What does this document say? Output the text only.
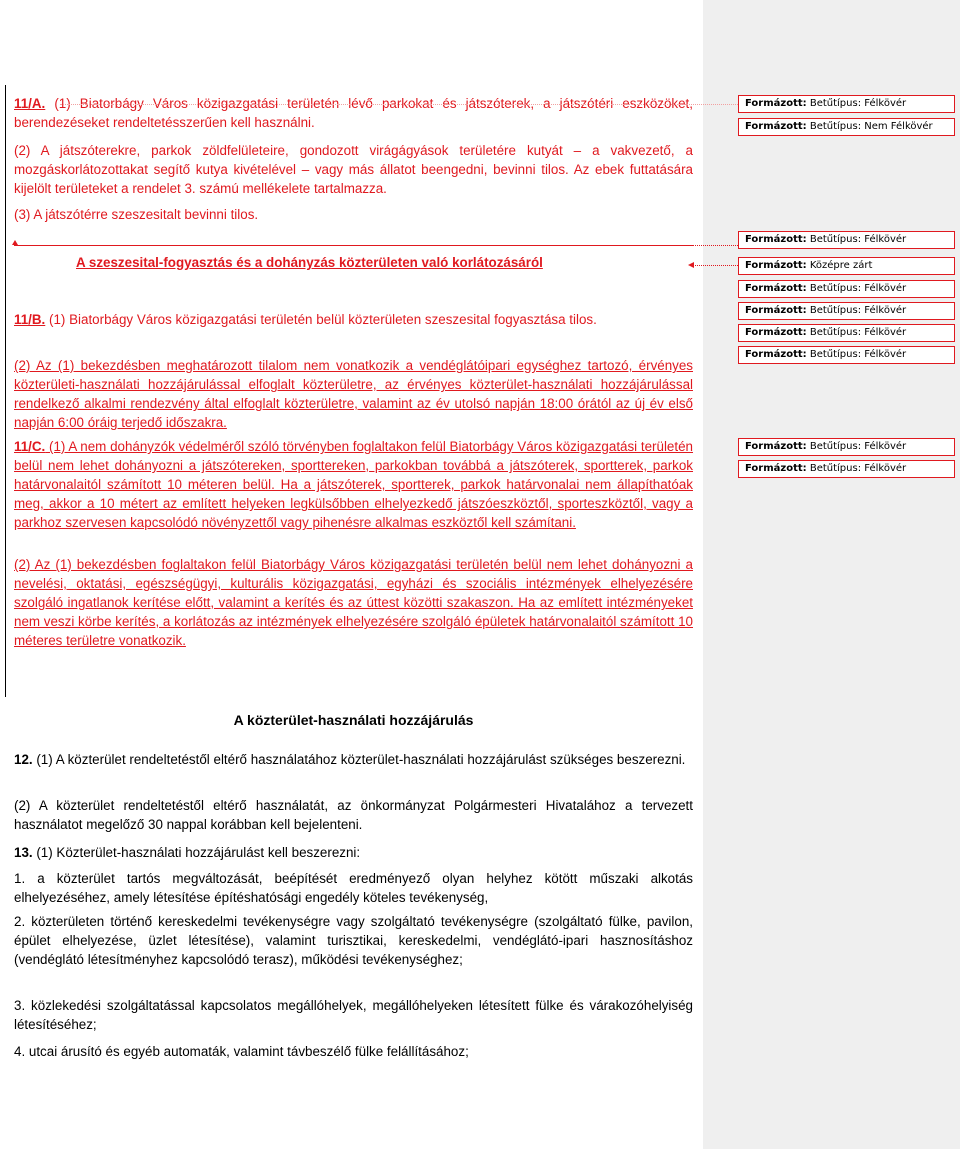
11/A. (1) Biatorbágy Város közigazgatási területén lévő parkokat és játszóterek, a játszótéri eszközöket, berendezéseket rendeltetésszerűen kell használni.
(2) A játszóterekre, parkok zöldfelületeire, gondozott virágágyások területére kutyát – a vakvezető, a mozgáskorlátozottakat segítő kutya kivételével – vagy más állatot beengedni, bevinni tilos. Az ebek futtatására kijelölt területeket a rendelet 3. számú mellékelete tartalmazza.
(3) A játszótérre szeszesitalt bevinni tilos.
A szeszesital-fogyasztás és a dohányzás közterületen való korlátozásáról
11/B. (1) Biatorbágy Város közigazgatási területén belül közterületen szeszesital fogyasztása tilos.
(2) Az (1) bekezdésben meghatározott tilalom nem vonatkozik a vendéglátóipari egységhez tartozó, érvényes közterületi-használati hozzájárulással elfoglalt közterületre, az érvényes közterület-használati hozzájárulással rendelkező alkalmi rendezvény által elfoglalt közterületre, valamint az év utolsó napján 18:00 órától az új év első napján 6:00 óráig terjedő időszakra.
11/C. (1) A nem dohányzók védelméről szóló törvényben foglaltakon felül Biatorbágy Város közigazgatási területén belül nem lehet dohányozni a játszótereken, sporttereken, parkokban továbbá a játszóterek, sportterek, parkok határvonalaitól számított 10 méteren belül. Ha a játszóterek, sportterek, parkok határvonalai nem állapíthatóak meg, akkor a 10 métert az említett helyeken legkülsőbben elhelyezkedő játszóeszköztől, sporteszköztől, vagy a parkhoz szervesen kapcsolódó növényzettől vagy pihenésre alkalmas eszköztől kell számítani.
(2) Az (1) bekezdésben foglaltakon felül Biatorbágy Város közigazgatási területén belül nem lehet dohányozni a nevelési, oktatási, egészségügyi, kulturális közigazgatási, egyházi és szociális intézmények elhelyezésére szolgáló ingatlanok kerítése előtt, valamint a kerítés és az úttest közötti szakaszon. Ha az említett intézményeket nem veszi körbe kerítés, a korlátozás az intézmények elhelyezésére szolgáló épületek határvonalaitól számított 10 méteres területre vonatkozik.
A közterület-használati hozzájárulás
12. (1) A közterület rendeltetéstől eltérő használatához közterület-használati hozzájárulást szükséges beszerezni.
(2) A közterület rendeltetéstől eltérő használatát, az önkormányzat Polgármesteri Hivatalához a tervezett használatot megelőző 30 nappal korábban kell bejelenteni.
13. (1) Közterület-használati hozzájárulást kell beszerezni:
1. a közterület tartós megváltozását, beépítését eredményező olyan helyhez kötött műszaki alkotás elhelyezéséhez, amely létesítése építéshatósági engedély köteles tevékenység,
2. közterületen történő kereskedelmi tevékenységre vagy szolgáltató tevékenységre (szolgáltató fülke, pavilon, épület elhelyezése, üzlet létesítése), valamint turisztikai, kereskedelmi, vendéglátó-ipari hasznosításhoz (vendéglátó létesítményhez kapcsolódó terasz), működési tevékenységhez;
3. közlekedési szolgáltatással kapcsolatos megállóhelyek, megállóhelyeken létesített fülke és várakozóhelyiség létesítéséhez;
4. utcai árusító és egyéb automaták, valamint távbeszélő fülke felállításához;
Formázott: Betűtípus: Félkövér
Formázott: Betűtípus: Nem Félkövér
Formázott: Betűtípus: Félkövér
Formázott: Középre zárt
Formázott: Betűtípus: Félkövér
Formázott: Betűtípus: Félkövér
Formázott: Betűtípus: Félkövér
Formázott: Betűtípus: Félkövér
Formázott: Betűtípus: Félkövér
Formázott: Betűtípus: Félkövér
